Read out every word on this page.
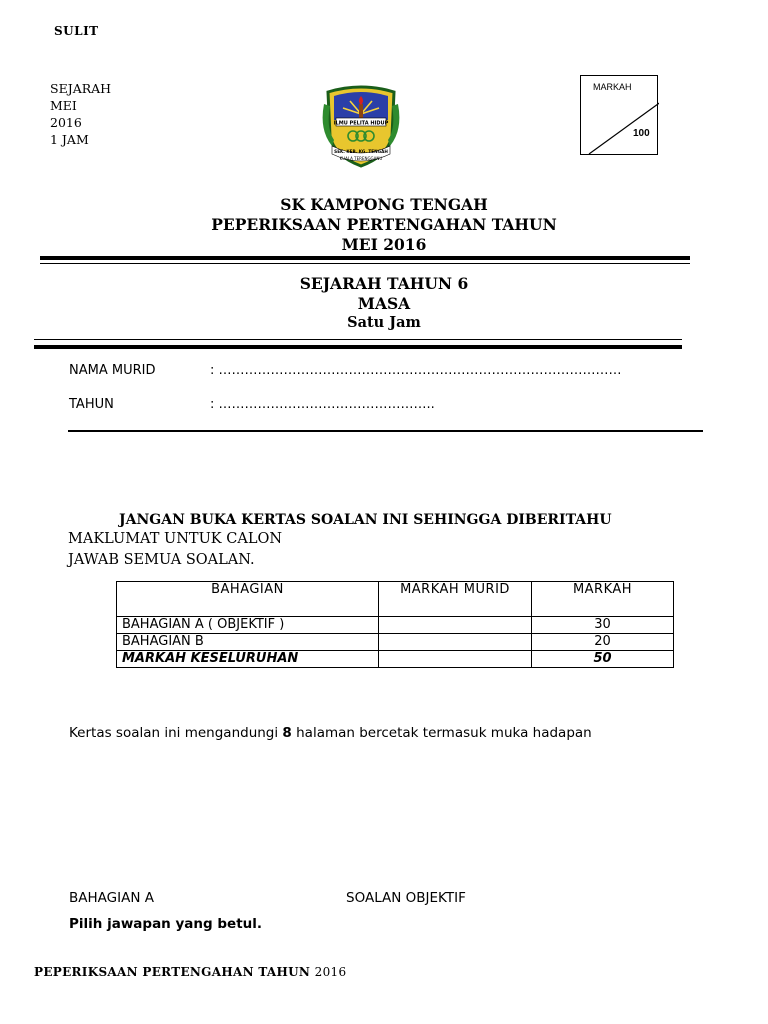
SULIT
SEJARAH
MEI
2016
1 JAM
ILMU PELITA HIDUP
SEK. KEB. KG. TENGAH
KUALA TERENGGANU
MARKAH
100
SK KAMPONG TENGAH
PEPERIKSAAN PERTENGAHAN TAHUN
MEI 2016
SEJARAH TAHUN 6
MASA
Satu Jam
NAMA MURID	: …………………………………………………………………………………
TAHUN	: …………………………………………..
JANGAN BUKA KERTAS SOALAN INI SEHINGGA DIBERITAHU
MAKLUMAT UNTUK CALON
JAWAB SEMUA SOALAN.
BAHAGIAN	MARKAH MURID	MARKAH
BAHAGIAN A ( OBJEKTIF )		30
BAHAGIAN B		20
MARKAH KESELURUHAN		50
Kertas soalan ini mengandungi 8 halaman bercetak termasuk muka hadapan
BAHAGIAN A	SOALAN OBJEKTIF
Pilih jawapan yang betul.
PEPERIKSAAN PERTENGAHAN TAHUN 2016
